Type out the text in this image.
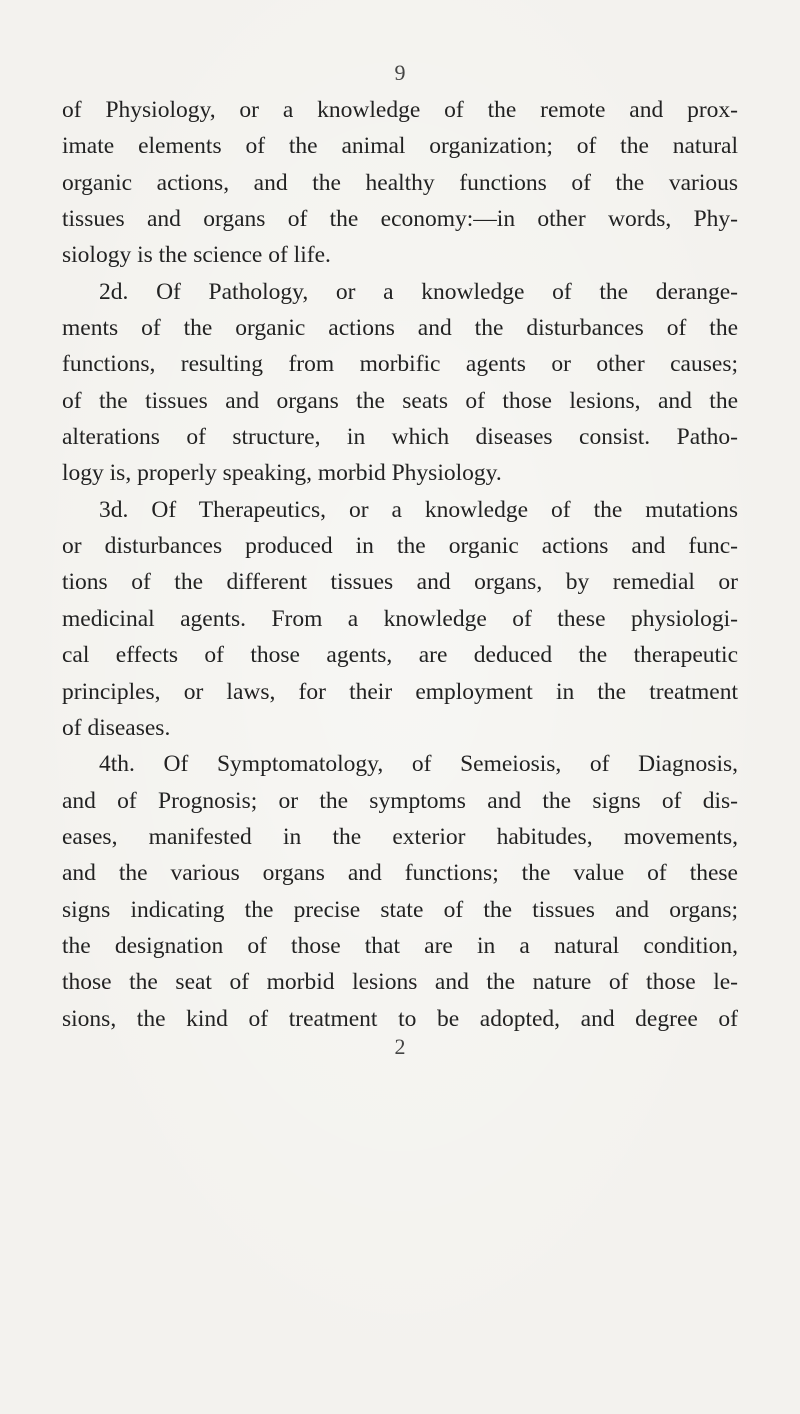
9
of Physiology, or a knowledge of the remote and prox-
imate elements of the animal organization; of the natural
organic actions, and the healthy functions of the various
tissues and organs of the economy:—in other words, Phy-
siology is the science of life.
2d. Of Pathology, or a knowledge of the derange-
ments of the organic actions and the disturbances of the
functions, resulting from morbific agents or other causes;
of the tissues and organs the seats of those lesions, and the
alterations of structure, in which diseases consist. Patho-
logy is, properly speaking, morbid Physiology.
3d. Of Therapeutics, or a knowledge of the mutations
or disturbances produced in the organic actions and func-
tions of the different tissues and organs, by remedial or
medicinal agents. From a knowledge of these physiologi-
cal effects of those agents, are deduced the therapeutic
principles, or laws, for their employment in the treatment
of diseases.
4th. Of Symptomatology, of Semeiosis, of Diagnosis,
and of Prognosis; or the symptoms and the signs of dis-
eases, manifested in the exterior habitudes, movements,
and the various organs and functions; the value of these
signs indicating the precise state of the tissues and organs;
the designation of those that are in a natural condition,
those the seat of morbid lesions and the nature of those le-
sions, the kind of treatment to be adopted, and degree of
2
